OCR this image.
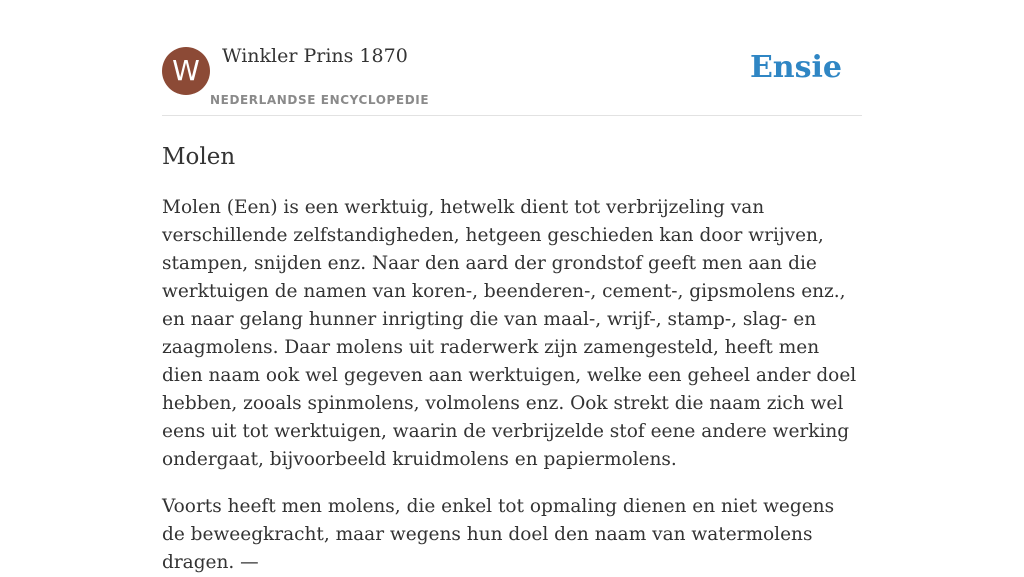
W	Winkler Prins 1870
NEDERLANDSE ENCYCLOPEDIE
Ensie
Molen

Molen (Een) is een werktuig, hetwelk dient tot verbrijzeling van verschillende zelfstandigheden, hetgeen geschieden kan door wrijven, stampen, snijden enz. Naar den aard der grondstof geeft men aan die werktuigen de namen van koren-, beenderen-, cement-, gipsmolens enz., en naar gelang hunner inrigting die van maal-, wrijf-, stamp-, slag- en zaagmolens. Daar molens uit raderwerk zijn zamengesteld, heeft men dien naam ook wel gegeven aan werktuigen, welke een geheel ander doel hebben, zooals spinmolens, volmolens enz. Ook strekt die naam zich wel eens uit tot werktuigen, waarin de verbrijzelde stof eene andere werking ondergaat, bijvoorbeeld kruidmolens en papiermolens.

Voorts heeft men molens, die enkel tot opmaling dienen en niet wegens de beweegkracht, maar wegens hun doel den naam van watermolens dragen. —
